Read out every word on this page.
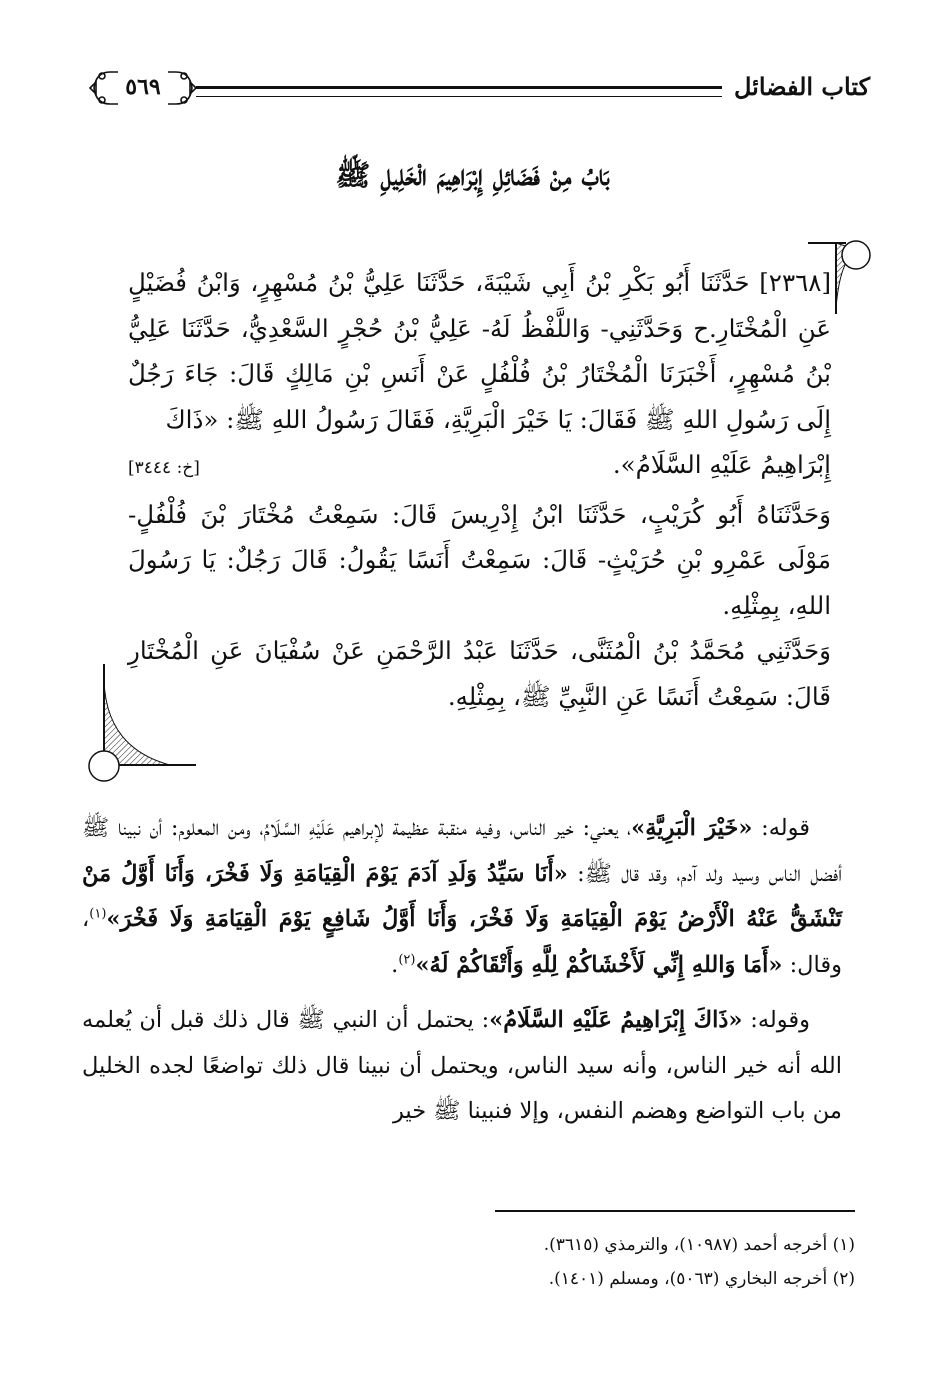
كتاب الفضائل
٥٦٩
بَابُ مِنْ فَضَائِلِ إِبْرَاهِيمَ الْخَلِيلِ ﷺ

[٢٣٦٨] حَدَّثَنَا أَبُو بَكْرِ بْنُ أَبِي شَيْبَةَ، حَدَّثَنَا عَلِيُّ بْنُ مُسْهِرٍ، وَابْنُ فُضَيْلٍ عَنِ الْمُخْتَارِ.ح وَحَدَّثَنِي- وَاللَّفْظُ لَهُ- عَلِيُّ بْنُ حُجْرٍ السَّعْدِيُّ، حَدَّثَنَا عَلِيُّ بْنُ مُسْهِرٍ، أَخْبَرَنَا الْمُخْتَارُ بْنُ فُلْفُلٍ عَنْ أَنَسِ بْنِ مَالِكٍ قَالَ: جَاءَ رَجُلٌ إِلَى رَسُولِ اللهِ ﷺ فَقَالَ: يَا خَيْرَ الْبَرِيَّةِ، فَقَالَ رَسُولُ اللهِ ﷺ: «ذَاكَ

إِبْرَاهِيمُ عَلَيْهِ السَّلَامُ».
[خ: ٣٤٤٤]

وَحَدَّثَنَاهُ أَبُو كُرَيْبٍ، حَدَّثَنَا ابْنُ إِدْرِيسَ قَالَ: سَمِعْتُ مُخْتَارَ بْنَ فُلْفُلٍ- مَوْلَى عَمْرِو بْنِ حُرَيْثٍ- قَالَ: سَمِعْتُ أَنَسًا يَقُولُ: قَالَ رَجُلٌ: يَا رَسُولَ اللهِ، بِمِثْلِهِ.

وَحَدَّثَنِي مُحَمَّدُ بْنُ الْمُثَنَّى، حَدَّثَنَا عَبْدُ الرَّحْمَنِ عَنْ سُفْيَانَ عَنِ الْمُخْتَارِ قَالَ: سَمِعْتُ أَنَسًا عَنِ النَّبِيِّ ﷺ، بِمِثْلِهِ.

قوله: «خَيْرَ الْبَرِيَّةِ»، يعني: خير الناس، وفيه منقبة عظيمة لإبراهيم عَلَيْهِ السَّلَامُ، ومن المعلوم: أن نبينا ﷺ أفضل الناس وسيد ولد آدم، وقد قال ﷺ: «أَنَا سَيِّدُ وَلَدِ آدَمَ يَوْمَ الْقِيَامَةِ وَلَا فَخْرَ، وَأَنَا أَوَّلُ مَنْ تَنْشَقُّ عَنْهُ الْأَرْضُ يَوْمَ الْقِيَامَةِ وَلَا فَخْرَ، وَأَنَا أَوَّلُ شَافِعٍ يَوْمَ الْقِيَامَةِ وَلَا فَخْرَ»$^{(١)}$، وقال: «أَمَا وَاللهِ إِنِّي لَأَخْشَاكُمْ لِلَّهِ وَأَتْقَاكُمْ لَهُ»$^{(٢)}$.

وقوله: «ذَاكَ إِبْرَاهِيمُ عَلَيْهِ السَّلَامُ»: يحتمل أن النبي ﷺ قال ذلك قبل أن يُعلمه الله أنه خير الناس، وأنه سيد الناس، ويحتمل أن نبينا قال ذلك تواضعًا لجده الخليل من باب التواضع وهضم النفس، وإلا فنبينا ﷺ خير

(١) أخرجه أحمد (١٠٩٨٧)، والترمذي (٣٦١٥).
(٢) أخرجه البخاري (٥٠٦٣)، ومسلم (١٤٠١).
